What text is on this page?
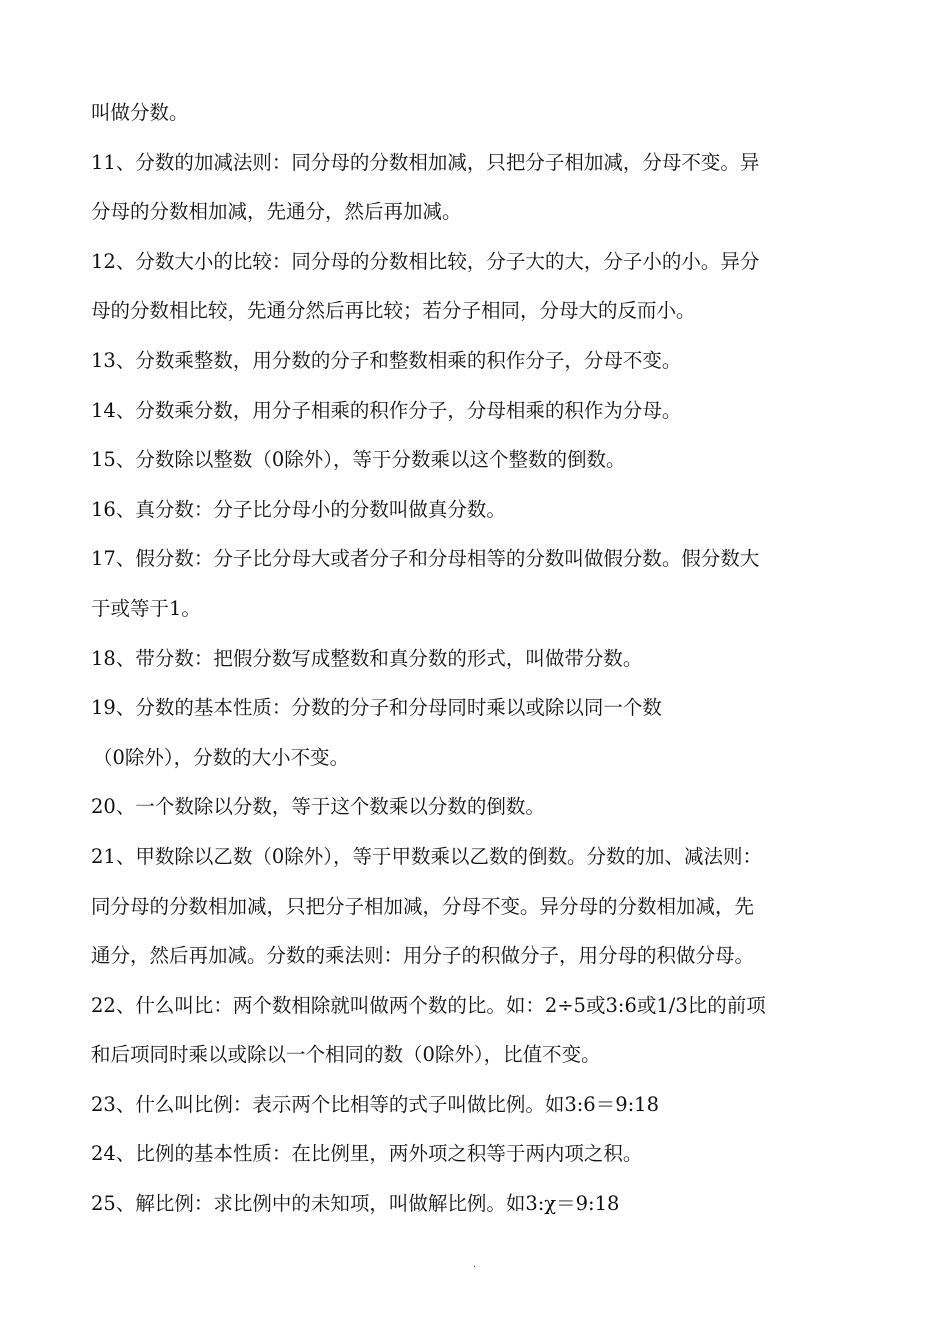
叫做分数。
11、分数的加减法则：同分母的分数相加减，只把分子相加减，分母不变。异
分母的分数相加减，先通分，然后再加减。
12、分数大小的比较：同分母的分数相比较，分子大的大，分子小的小。异分
母的分数相比较，先通分然后再比较；若分子相同，分母大的反而小。
13、分数乘整数，用分数的分子和整数相乘的积作分子，分母不变。
14、分数乘分数，用分子相乘的积作分子，分母相乘的积作为分母。
15、分数除以整数（0除外），等于分数乘以这个整数的倒数。
16、真分数：分子比分母小的分数叫做真分数。
17、假分数：分子比分母大或者分子和分母相等的分数叫做假分数。假分数大
于或等于1。
18、带分数：把假分数写成整数和真分数的形式，叫做带分数。
19、分数的基本性质：分数的分子和分母同时乘以或除以同一个数
（0除外），分数的大小不变。
20、一个数除以分数，等于这个数乘以分数的倒数。
21、甲数除以乙数（0除外），等于甲数乘以乙数的倒数。分数的加、减法则：
同分母的分数相加减，只把分子相加减，分母不变。异分母的分数相加减，先
通分，然后再加减。分数的乘法则：用分子的积做分子，用分母的积做分母。
22、什么叫比：两个数相除就叫做两个数的比。如：2÷5或3:6或1/3比的前项
和后项同时乘以或除以一个相同的数（0除外），比值不变。
23、什么叫比例：表示两个比相等的式子叫做比例。如3:6＝9:18
24、比例的基本性质：在比例里，两外项之积等于两内项之积。
25、解比例：求比例中的未知项，叫做解比例。如3:χ＝9:18
.
